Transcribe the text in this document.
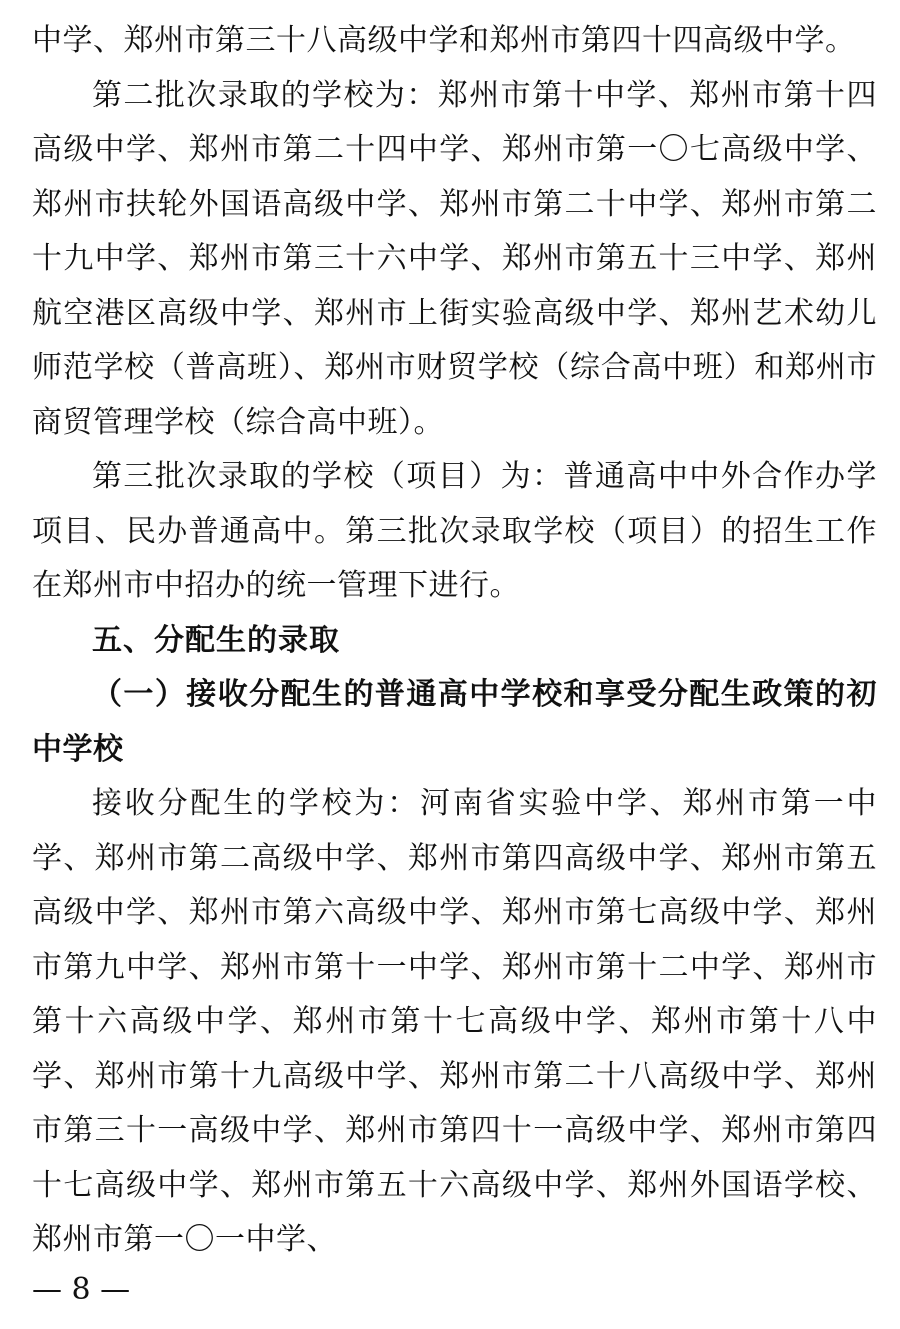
中学、郑州市第三十八高级中学和郑州市第四十四高级中学。

第二批次录取的学校为：郑州市第十中学、郑州市第十四高级中学、郑州市第二十四中学、郑州市第一〇七高级中学、郑州市扶轮外国语高级中学、郑州市第二十中学、郑州市第二十九中学、郑州市第三十六中学、郑州市第五十三中学、郑州航空港区高级中学、郑州市上街实验高级中学、郑州艺术幼儿师范学校（普高班）、郑州市财贸学校（综合高中班）和郑州市商贸管理学校（综合高中班）。

第三批次录取的学校（项目）为：普通高中中外合作办学项目、民办普通高中。第三批次录取学校（项目）的招生工作在郑州市中招办的统一管理下进行。

五、分配生的录取

（一）接收分配生的普通高中学校和享受分配生政策的初中学校

接收分配生的学校为：河南省实验中学、郑州市第一中学、郑州市第二高级中学、郑州市第四高级中学、郑州市第五高级中学、郑州市第六高级中学、郑州市第七高级中学、郑州市第九中学、郑州市第十一中学、郑州市第十二中学、郑州市第十六高级中学、郑州市第十七高级中学、郑州市第十八中学、郑州市第十九高级中学、郑州市第二十八高级中学、郑州市第三十一高级中学、郑州市第四十一高级中学、郑州市第四十七高级中学、郑州市第五十六高级中学、郑州外国语学校、郑州市第一〇一中学、

— 8 —
